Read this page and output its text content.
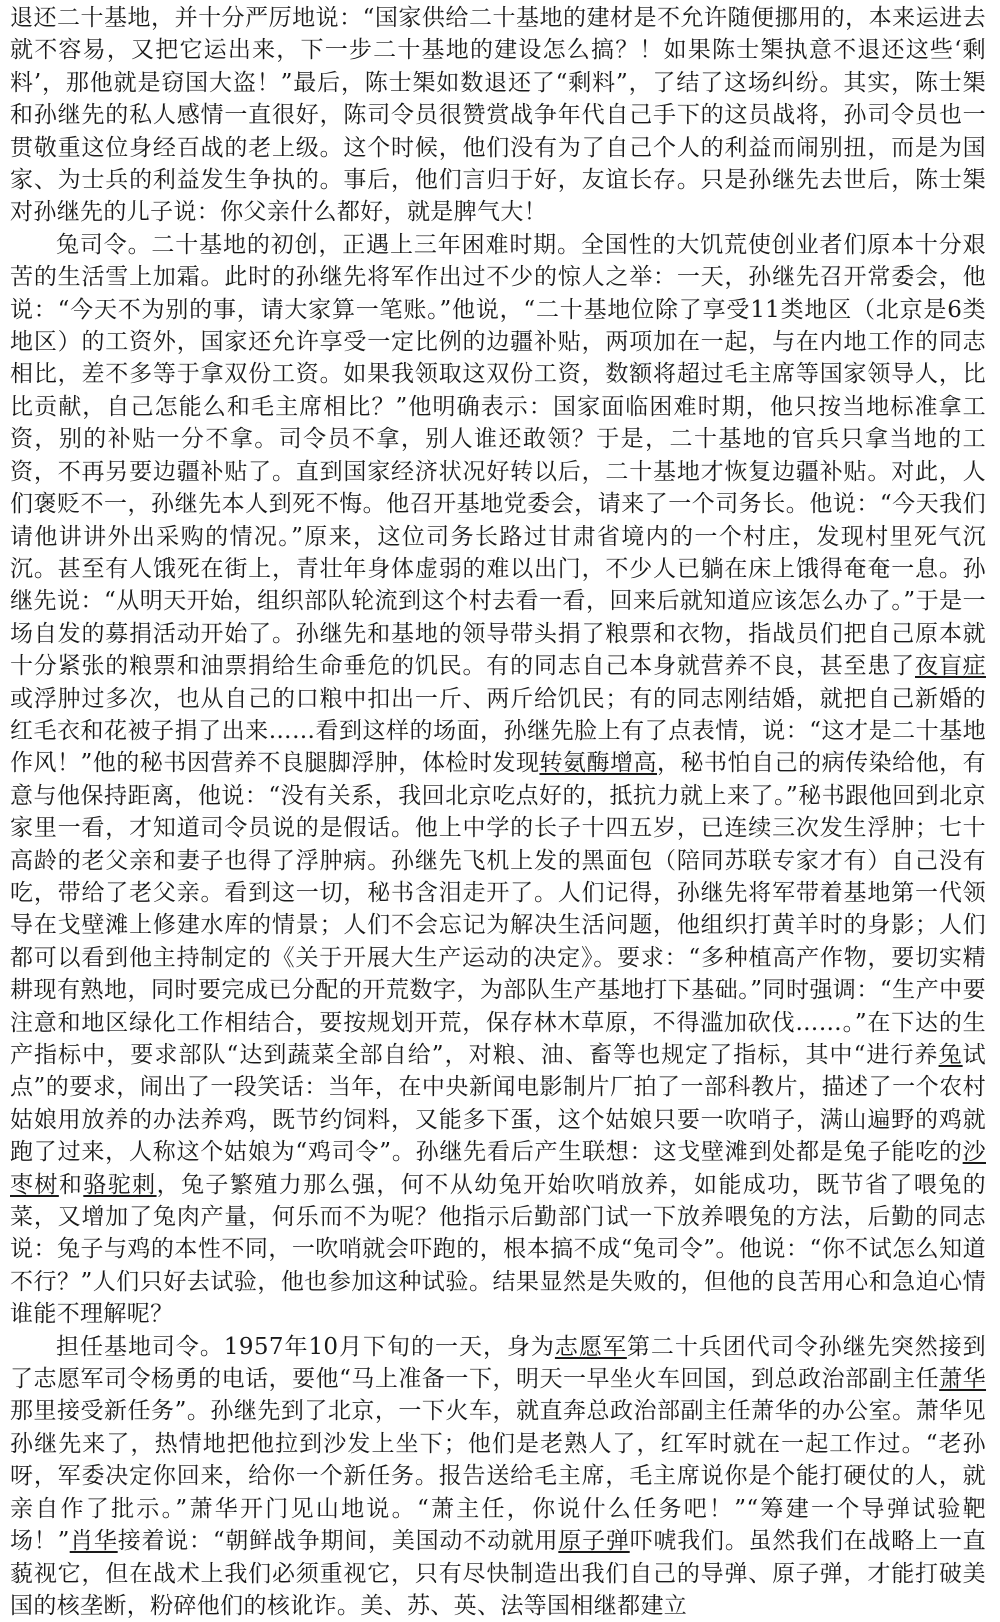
退还二十基地，并十分严厉地说：“国家供给二十基地的建材是不允许随便挪用的，本来运进去就不容易，又把它运出来，下一步二十基地的建设怎么搞？！如果陈士榘执意不退还这些‘剩料’，那他就是窃国大盗！”最后，陈士榘如数退还了“剩料”，了结了这场纠纷。其实，陈士榘和孙继先的私人感情一直很好，陈司令员很赞赏战争年代自己手下的这员战将，孙司令员也一贯敬重这位身经百战的老上级。这个时候，他们没有为了自己个人的利益而闹别扭，而是为国家、为士兵的利益发生争执的。事后，他们言归于好，友谊长存。只是孙继先去世后，陈士榘对孙继先的儿子说：你父亲什么都好，就是脾气大！

兔司令。二十基地的初创，正遇上三年困难时期。全国性的大饥荒使创业者们原本十分艰苦的生活雪上加霜。此时的孙继先将军作出过不少的惊人之举：一天，孙继先召开常委会，他说：“今天不为别的事，请大家算一笔账。”他说，“二十基地位除了享受11类地区（北京是6类地区）的工资外，国家还允许享受一定比例的边疆补贴，两项加在一起，与在内地工作的同志相比，差不多等于拿双份工资。如果我领取这双份工资，数额将超过毛主席等国家领导人，比比贡献，自己怎能么和毛主席相比？”他明确表示：国家面临困难时期，他只按当地标准拿工资，别的补贴一分不拿。司令员不拿，别人谁还敢领？于是，二十基地的官兵只拿当地的工资，不再另要边疆补贴了。直到国家经济状况好转以后，二十基地才恢复边疆补贴。对此，人们褒贬不一，孙继先本人到死不悔。他召开基地党委会，请来了一个司务长。他说：“今天我们请他讲讲外出采购的情况。”原来，这位司务长路过甘肃省境内的一个村庄，发现村里死气沉沉。甚至有人饿死在街上，青壮年身体虚弱的难以出门，不少人已躺在床上饿得奄奄一息。孙继先说：“从明天开始，组织部队轮流到这个村去看一看，回来后就知道应该怎么办了。”于是一场自发的募捐活动开始了。孙继先和基地的领导带头捐了粮票和衣物，指战员们把自己原本就十分紧张的粮票和油票捐给生命垂危的饥民。有的同志自己本身就营养不良，甚至患了夜盲症或浮肿过多次，也从自己的口粮中扣出一斤、两斤给饥民；有的同志刚结婚，就把自己新婚的红毛衣和花被子捐了出来……看到这样的场面，孙继先脸上有了点表情，说：“这才是二十基地作风！”他的秘书因营养不良腿脚浮肿，体检时发现转氨酶增高，秘书怕自己的病传染给他，有意与他保持距离，他说：“没有关系，我回北京吃点好的，抵抗力就上来了。”秘书跟他回到北京家里一看，才知道司令员说的是假话。他上中学的长子十四五岁，已连续三次发生浮肿；七十高龄的老父亲和妻子也得了浮肿病。孙继先飞机上发的黑面包（陪同苏联专家才有）自己没有吃，带给了老父亲。看到这一切，秘书含泪走开了。人们记得，孙继先将军带着基地第一代领导在戈壁滩上修建水库的情景；人们不会忘记为解决生活问题，他组织打黄羊时的身影；人们都可以看到他主持制定的《关于开展大生产运动的决定》。要求：“多种植高产作物，要切实精耕现有熟地，同时要完成已分配的开荒数字，为部队生产基地打下基础。”同时强调：“生产中要注意和地区绿化工作相结合，要按规划开荒，保存林木草原，不得滥加砍伐……。”在下达的生产指标中，要求部队“达到蔬菜全部自给”，对粮、油、畜等也规定了指标，其中“进行养兔试点”的要求，闹出了一段笑话：当年，在中央新闻电影制片厂拍了一部科教片，描述了一个农村姑娘用放养的办法养鸡，既节约饲料，又能多下蛋，这个姑娘只要一吹哨子，满山遍野的鸡就跑了过来，人称这个姑娘为“鸡司令”。孙继先看后产生联想：这戈壁滩到处都是兔子能吃的沙枣树和骆驼刺，兔子繁殖力那么强，何不从幼兔开始吹哨放养，如能成功，既节省了喂兔的菜，又增加了兔肉产量，何乐而不为呢？他指示后勤部门试一下放养喂兔的方法，后勤的同志说：兔子与鸡的本性不同，一吹哨就会吓跑的，根本搞不成“兔司令”。他说：“你不试怎么知道不行？”人们只好去试验，他也参加这种试验。结果显然是失败的，但他的良苦用心和急迫心情谁能不理解呢？

担任基地司令。1957年10月下旬的一天，身为志愿军第二十兵团代司令孙继先突然接到了志愿军司令杨勇的电话，要他“马上准备一下，明天一早坐火车回国，到总政治部副主任萧华那里接受新任务”。孙继先到了北京，一下火车，就直奔总政治部副主任萧华的办公室。萧华见孙继先来了，热情地把他拉到沙发上坐下；他们是老熟人了，红军时就在一起工作过。“老孙呀，军委决定你回来，给你一个新任务。报告送给毛主席，毛主席说你是个能打硬仗的人，就亲自作了批示。”萧华开门见山地说。“萧主任，你说什么任务吧！”“筹建一个导弹试验靶场！”肖华接着说：“朝鲜战争期间，美国动不动就用原子弹吓唬我们。虽然我们在战略上一直藐视它，但在战术上我们必须重视它，只有尽快制造出我们自己的导弹、原子弹，才能打破美国的核垄断，粉碎他们的核讹诈。美、苏、英、法等国相继都建立
